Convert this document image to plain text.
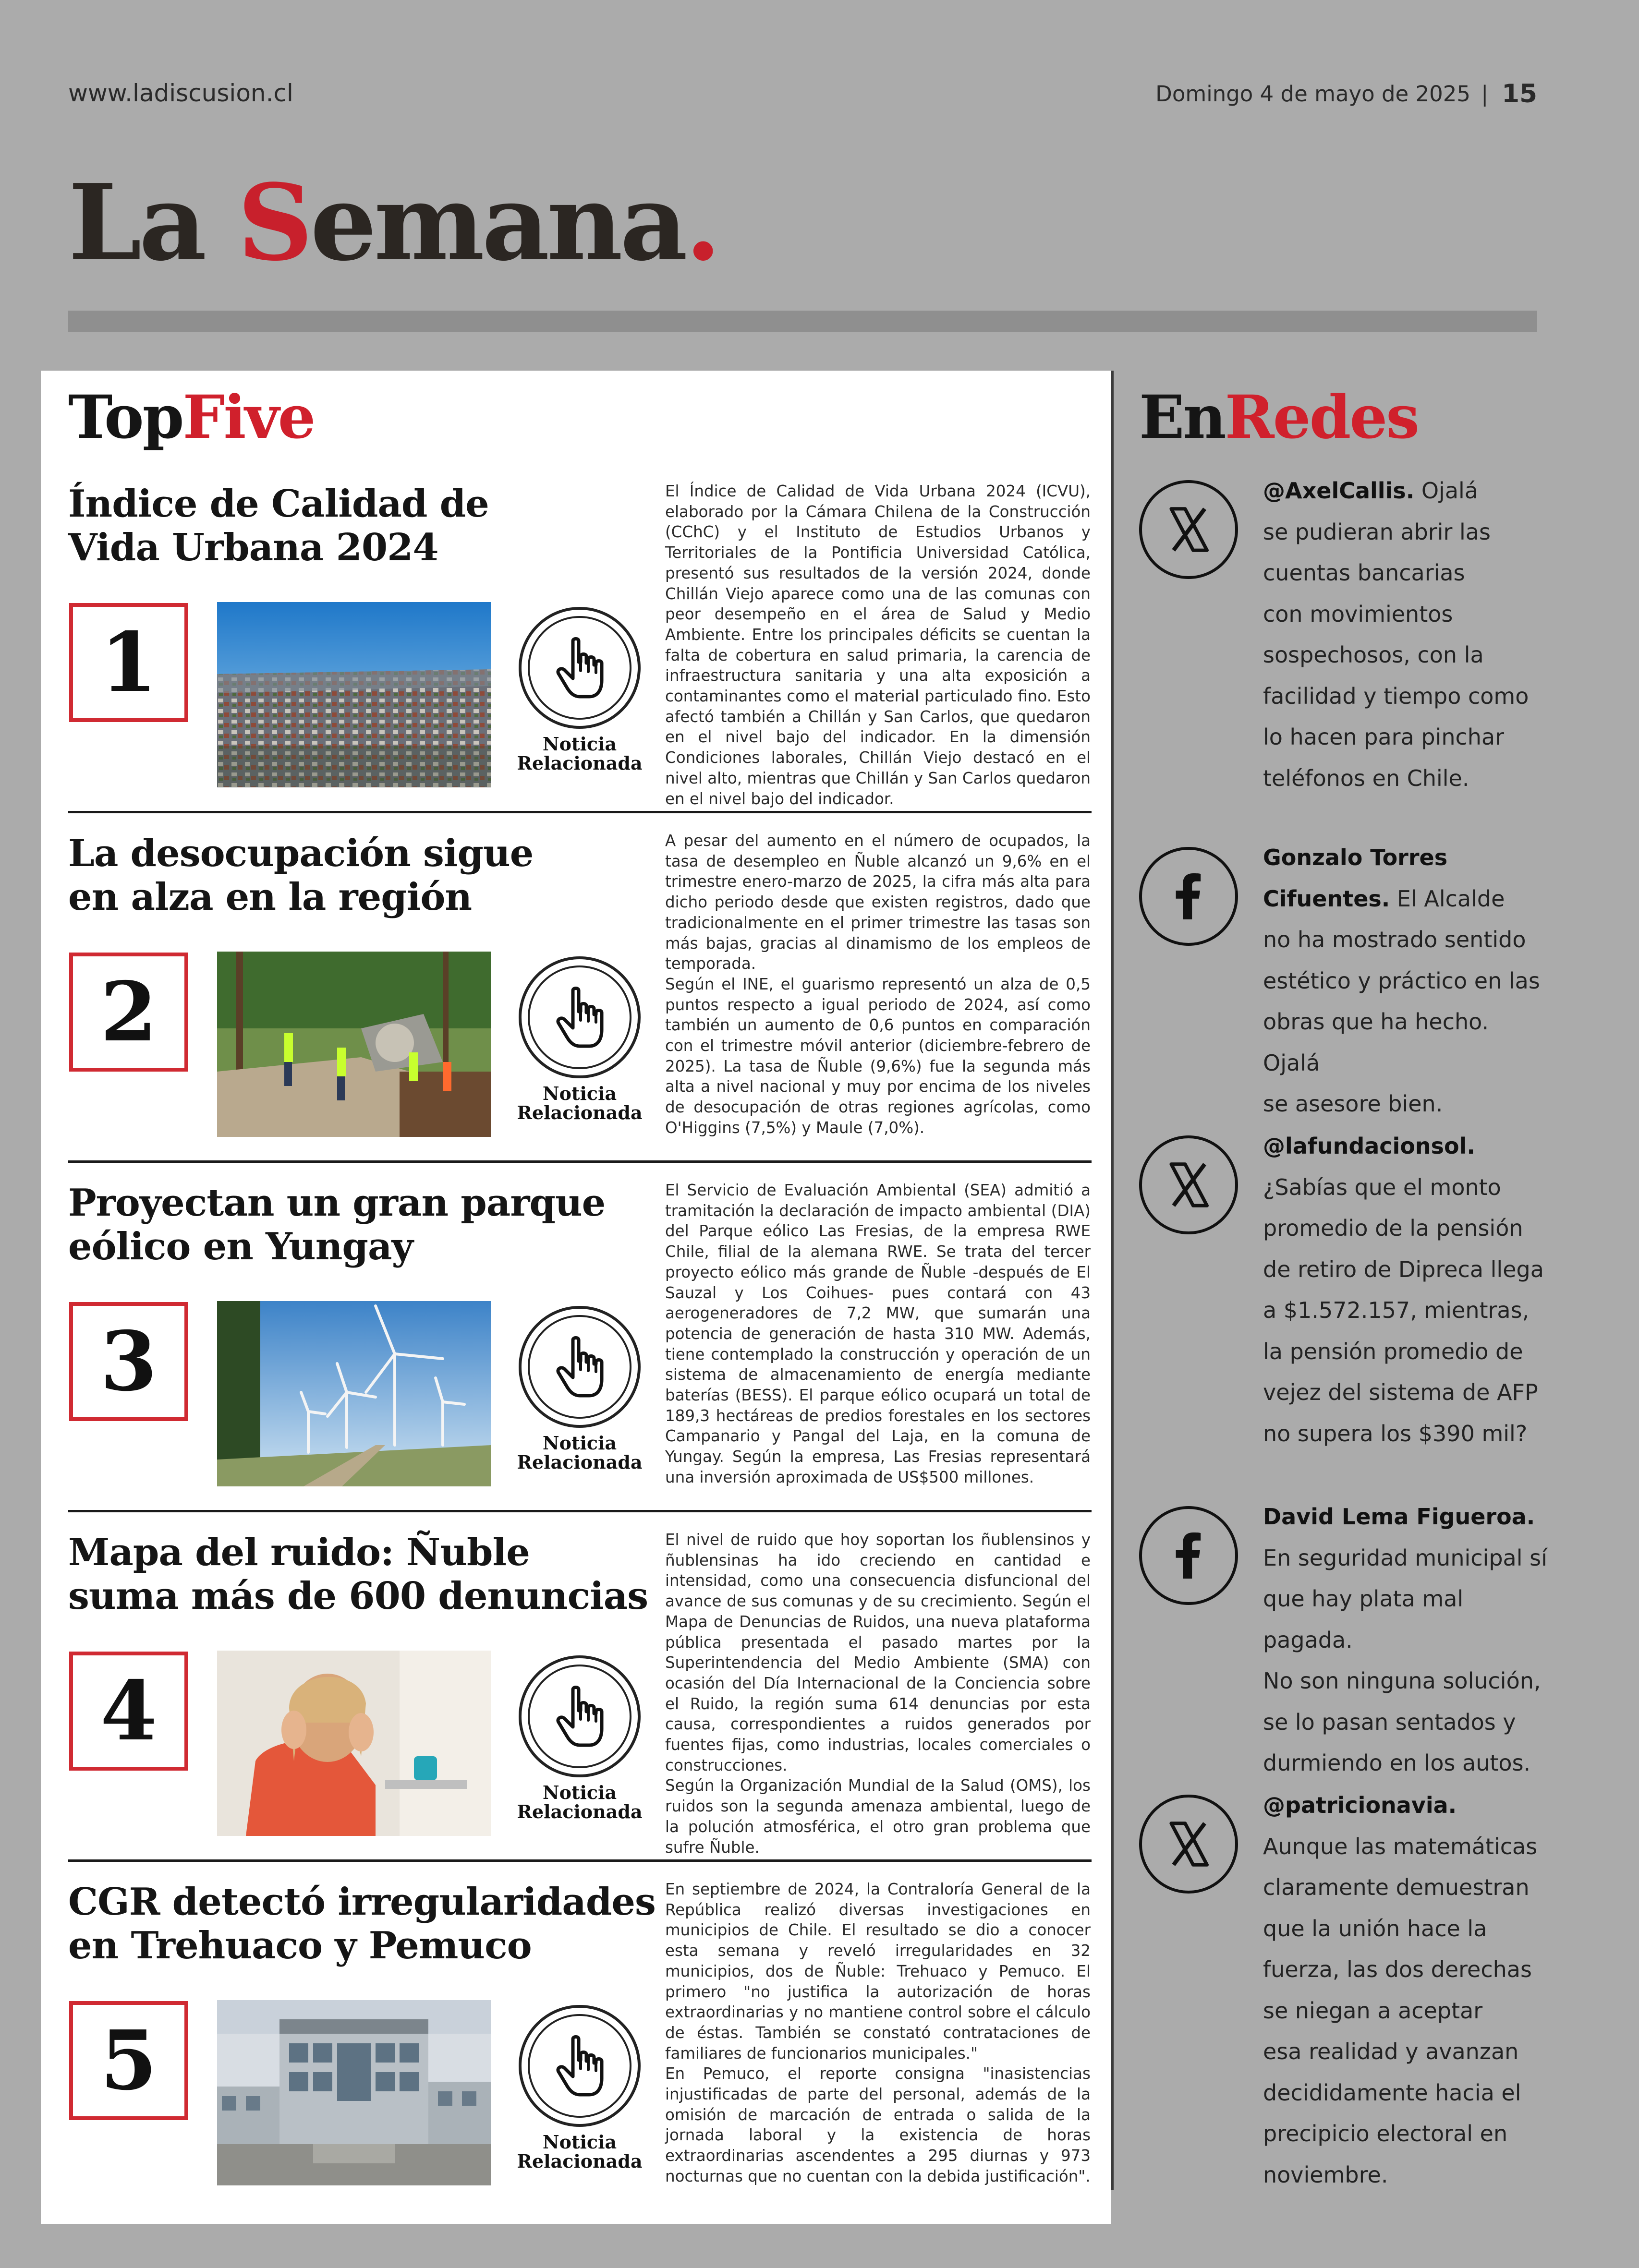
www.ladiscusion.cl	Domingo 4 de mayo de 2025 | 15
La Semana.
TopFive	EnRedes
Índice de Calidad de
Vida Urbana 2024
1
Noticia
Relacionada

El Índice de Calidad de Vida Urbana 2024 (ICVU), elaborado por la Cámara Chilena de la Construcción (CChC) y el Instituto de Estudios Urbanos y Territoriales de la Pontificia Universidad Católica, presentó sus resultados de la versión 2024, donde Chillán Viejo aparece como una de las comunas con peor desempeño en el área de Salud y Medio Ambiente. Entre los principales déficits se cuentan la falta de cobertura en salud primaria, la carencia de infraestructura sanitaria y una alta exposición a contaminantes como el material particulado fino. Esto afectó también a Chillán y San Carlos, que quedaron en el nivel bajo del indicador. En la dimensión Condiciones laborales, Chillán Viejo destacó en el nivel alto, mientras que Chillán y San Carlos quedaron en el nivel bajo del indicador.

La desocupación sigue
en alza en la región
2
Noticia
Relacionada

A pesar del aumento en el número de ocupados, la tasa de desempleo en Ñuble alcanzó un 9,6% en el trimestre enero-marzo de 2025, la cifra más alta para dicho periodo desde que existen registros, dado que tradicionalmente en el primer trimestre las tasas son más bajas, gracias al dinamismo de los empleos de temporada.

Según el INE, el guarismo representó un alza de 0,5 puntos respecto a igual periodo de 2024, así como también un aumento de 0,6 puntos en comparación con el trimestre móvil anterior (diciembre-febrero de 2025). La tasa de Ñuble (9,6%) fue la segunda más alta a nivel nacional y muy por encima de los niveles de desocupación de otras regiones agrícolas, como O'Higgins (7,5%) y Maule (7,0%).

Proyectan un gran parque
eólico en Yungay
3
Noticia
Relacionada

El Servicio de Evaluación Ambiental (SEA) admitió a tramitación la declaración de impacto ambiental (DIA) del Parque eólico Las Fresias, de la empresa RWE Chile, filial de la alemana RWE. Se trata del tercer proyecto eólico más grande de Ñuble -después de El Sauzal y Los Coihues- pues contará con 43 aerogeneradores de 7,2 MW, que sumarán una potencia de generación de hasta 310 MW. Además, tiene contemplado la construcción y operación de un sistema de almacenamiento de energía mediante baterías (BESS). El parque eólico ocupará un total de 189,3 hectáreas de predios forestales en los sectores Campanario y Pangal del Laja, en la comuna de Yungay. Según la empresa, Las Fresias representará una inversión aproximada de US$500 millones.

Mapa del ruido: Ñuble
suma más de 600 denuncias
4
Noticia
Relacionada

El nivel de ruido que hoy soportan los ñublensinos y ñublensinas ha ido creciendo en cantidad e intensidad, como una consecuencia disfuncional del avance de sus comunas y de su crecimiento. Según el Mapa de Denuncias de Ruidos, una nueva plataforma pública presentada el pasado martes por la Superintendencia del Medio Ambiente (SMA) con ocasión del Día Internacional de la Conciencia sobre el Ruido, la región suma 614 denuncias por esta causa, correspondientes a ruidos generados por fuentes fijas, como industrias, locales comerciales o construcciones.

Según la Organización Mundial de la Salud (OMS), los ruidos son la segunda amenaza ambiental, luego de la polución atmosférica, el otro gran problema que sufre Ñuble.

CGR detectó irregularidades
en Trehuaco y Pemuco
5
Noticia
Relacionada

En septiembre de 2024, la Contraloría General de la República realizó diversas investigaciones en municipios de Chile. El resultado se dio a conocer esta semana y reveló irregularidades en 32 municipios, dos de Ñuble: Trehuaco y Pemuco. El primero "no justifica la autorización de horas extraordinarias y no mantiene control sobre el cálculo de éstas. También se constató contrataciones de familiares de funcionarios municipales."

En Pemuco, el reporte consigna "inasistencias injustificadas de parte del personal, además de la omisión de marcación de entrada o salida de la jornada laboral y la existencia de horas extraordinarias ascendentes a 295 diurnas y 973 nocturnas que no cuentan con la debida justificación".

@AxelCallis. Ojalá
se pudieran abrir las
cuentas bancarias
con movimientos
sospechosos, con la
facilidad y tiempo como
lo hacen para pinchar
teléfonos en Chile.
Gonzalo Torres
Cifuentes. El Alcalde
no ha mostrado sentido
estético y práctico en las
obras que ha hecho. Ojalá
se asesore bien.
@lafundacionsol.
¿Sabías que el monto
promedio de la pensión
de retiro de Dipreca llega
a $1.572.157, mientras,
la pensión promedio de
vejez del sistema de AFP
no supera los $390 mil?
David Lema Figueroa.
En seguridad municipal sí
que hay plata mal pagada.
No son ninguna solución,
se lo pasan sentados y
durmiendo en los autos.
@patricionavia.
Aunque las matemáticas
claramente demuestran
que la unión hace la
fuerza, las dos derechas
se niegan a aceptar
esa realidad y avanzan
decididamente hacia el
precipicio electoral en
noviembre.
